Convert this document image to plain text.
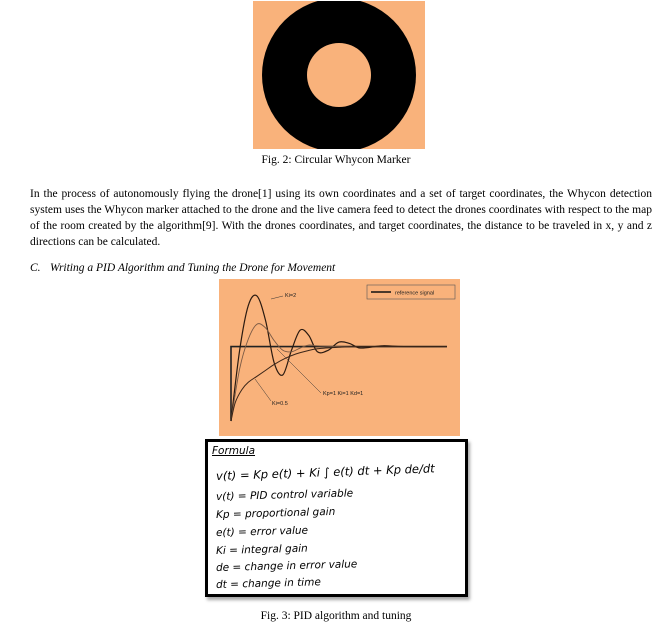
Fig. 2: Circular Whycon Marker
In the process of autonomously flying the drone[1] using its own coordinates and a set of target coordinates, the Whycon detection system uses the Whycon marker attached to the drone and the live camera feed to detect the drones coordinates with respect to the map of the room created by the algorithm[9]. With the drones coordinates, and target coordinates, the distance to be traveled in x, y and z directions can be calculated.
C. Writing a PID Algorithm and Tuning the Drone for Movement
reference signal
Ki=2
Kp=1 Ki=1 Kd=1
Ki=0.5
Formula
v(t) = Kp e(t) + Ki ∫ e(t) dt + Kp de/dt
v(t) = PID control variable
Kp = proportional gain
e(t) = error value
Ki = integral gain
de = change in error value
dt = change in time
Fig. 3: PID algorithm and tuning
